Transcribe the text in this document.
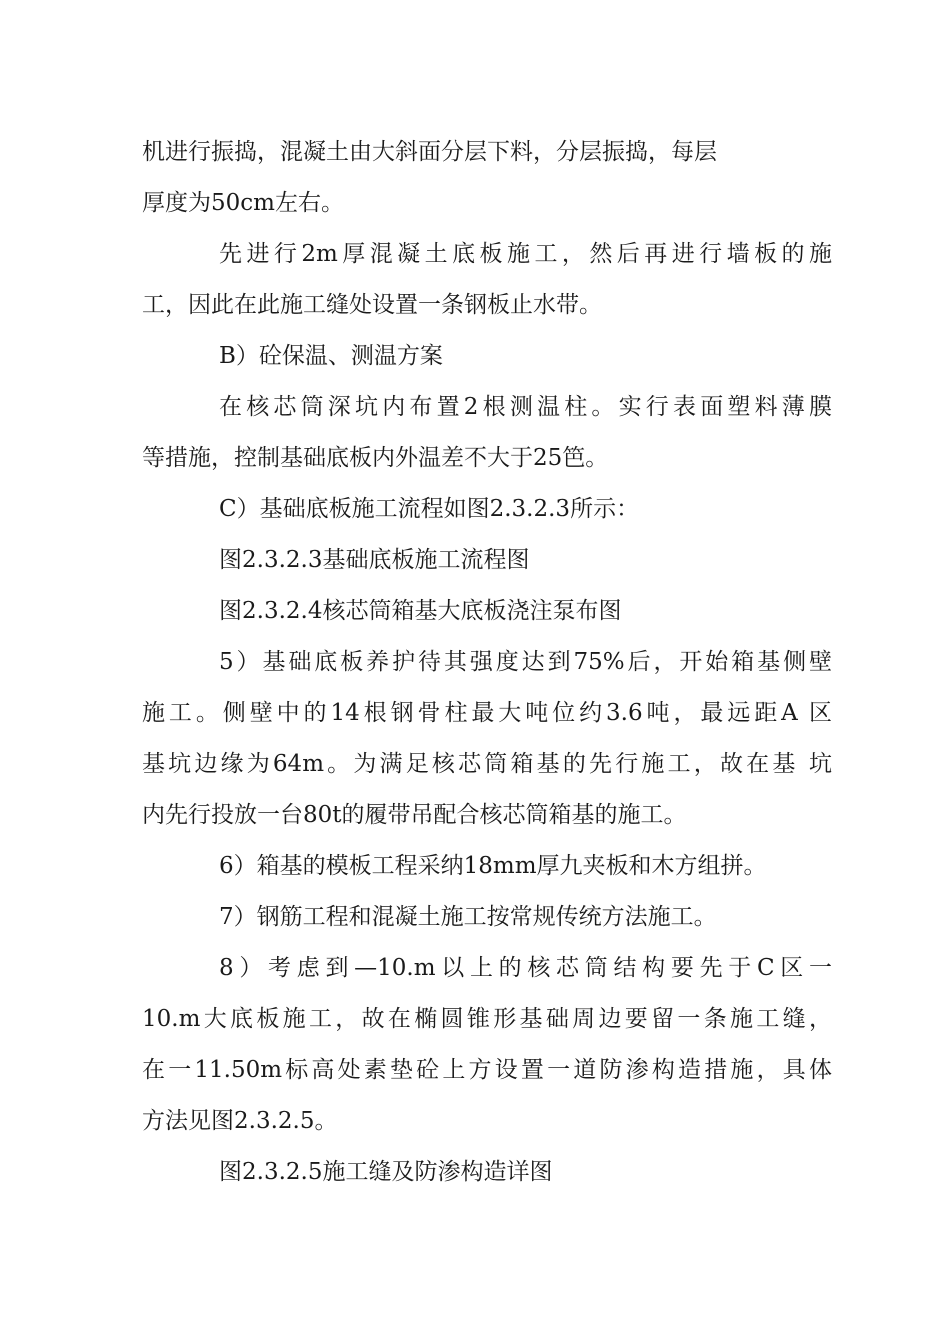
机进行振捣，混凝土由大斜面分层下料，分层振捣，每层

厚度为50cm左右。

先进行2m厚混凝土底板施工，然后再进行墙板的施

工，因此在此施工缝处设置一条钢板止水带。

B）砼保温、测温方案

在核芯筒深坑内布置2根测温柱。实行表面塑料薄膜

等措施，控制基础底板内外温差不大于25笆。

C）基础底板施工流程如图2.3.2.3所示：

图2.3.2.3基础底板施工流程图

图2.3.2.4核芯筒箱基大底板浇注泵布图

5）基础底板养护待其强度达到75%后，开始箱基侧壁

施工。侧壁中的14根钢骨柱最大吨位约3.6吨，最远距A 区

基坑边缘为64m。为满足核芯筒箱基的先行施工，故在基 坑

内先行投放一台80t的履带吊配合核芯筒箱基的施工。

6）箱基的模板工程采纳18mm厚九夹板和木方组拼。

7）钢筋工程和混凝土施工按常规传统方法施工。

8）考虑到—10.m以上的核芯筒结构要先于C区一

10.m大底板施工，故在椭圆锥形基础周边要留一条施工缝，

在一11.50m标高处素垫砼上方设置一道防渗构造措施，具体

方法见图2.3.2.5。

图2.3.2.5施工缝及防渗构造详图
